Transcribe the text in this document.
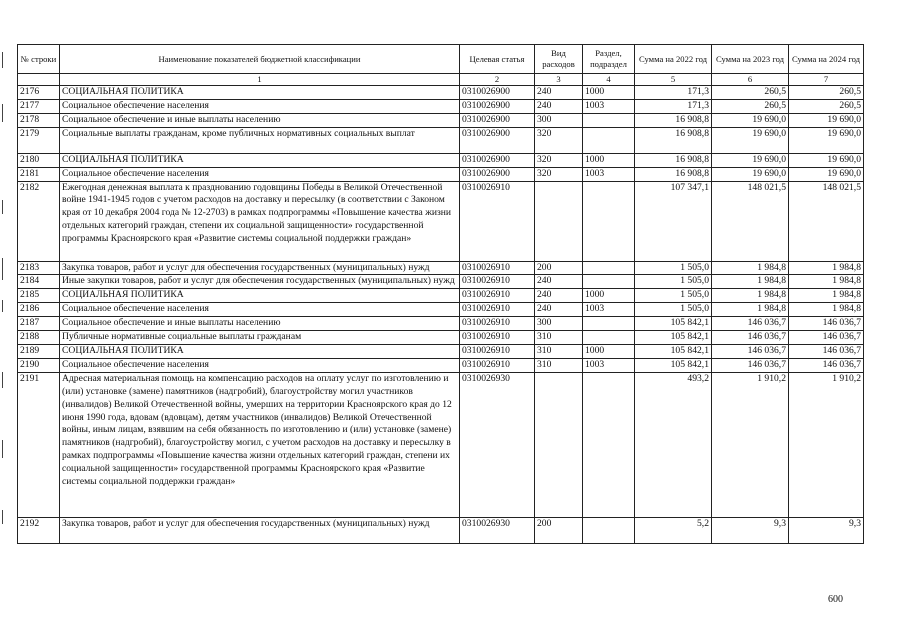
№ строки	Наименование показателей бюджетной классификации	Целевая статья	Вид расходов	Раздел, подраздел	Сумма на 2022 год	Сумма на 2023 год	Сумма на 2024 год
	1	2	3	4	5	6	7
2176	СОЦИАЛЬНАЯ ПОЛИТИКА	0310026900	240	1000	171,3	260,5	260,5
2177	Социальное обеспечение населения	0310026900	240	1003	171,3	260,5	260,5
2178	Социальное обеспечение и иные выплаты населению	0310026900	300		16 908,8	19 690,0	19 690,0
2179	Социальные выплаты гражданам, кроме публичных нормативных социальных выплат	0310026900	320		16 908,8	19 690,0	19 690,0
2180	СОЦИАЛЬНАЯ ПОЛИТИКА	0310026900	320	1000	16 908,8	19 690,0	19 690,0
2181	Социальное обеспечение населения	0310026900	320	1003	16 908,8	19 690,0	19 690,0
2182	Ежегодная денежная выплата к празднованию годовщины Победы в Великой Отечественной войне 1941-1945 годов с учетом расходов на доставку и пересылку (в соответствии с Законом края от 10 декабря 2004 года № 12-2703) в рамках подпрограммы «Повышение качества жизни отдельных категорий граждан, степени их социальной защищенности» государственной программы Красноярского края «Развитие системы социальной поддержки граждан»	0310026910			107 347,1	148 021,5	148 021,5
2183	Закупка товаров, работ и услуг для обеспечения государственных (муниципальных) нужд	0310026910	200		1 505,0	1 984,8	1 984,8
2184	Иные закупки товаров, работ и услуг для обеспечения государственных (муниципальных) нужд	0310026910	240		1 505,0	1 984,8	1 984,8
2185	СОЦИАЛЬНАЯ ПОЛИТИКА	0310026910	240	1000	1 505,0	1 984,8	1 984,8
2186	Социальное обеспечение населения	0310026910	240	1003	1 505,0	1 984,8	1 984,8
2187	Социальное обеспечение и иные выплаты населению	0310026910	300		105 842,1	146 036,7	146 036,7
2188	Публичные нормативные социальные выплаты гражданам	0310026910	310		105 842,1	146 036,7	146 036,7
2189	СОЦИАЛЬНАЯ ПОЛИТИКА	0310026910	310	1000	105 842,1	146 036,7	146 036,7
2190	Социальное обеспечение населения	0310026910	310	1003	105 842,1	146 036,7	146 036,7
2191	Адресная материальная помощь на компенсацию расходов на оплату услуг по изготовлению и (или) установке (замене) памятников (надгробий), благоустройству могил участников (инвалидов) Великой Отечественной войны, умерших на территории Красноярского края до 12 июня 1990 года, вдовам (вдовцам), детям участников (инвалидов) Великой Отечественной войны, иным лицам, взявшим на себя обязанность по изготовлению и (или) установке (замене) памятников (надгробий), благоустройству могил, с учетом расходов на доставку и пересылку в рамках подпрограммы «Повышение качества жизни отдельных категорий граждан, степени их социальной защищенности» государственной программы Красноярского края «Развитие системы социальной поддержки граждан»	0310026930			493,2	1 910,2	1 910,2
2192	Закупка товаров, работ и услуг для обеспечения государственных (муниципальных) нужд	0310026930	200		5,2	9,3	9,3
600
